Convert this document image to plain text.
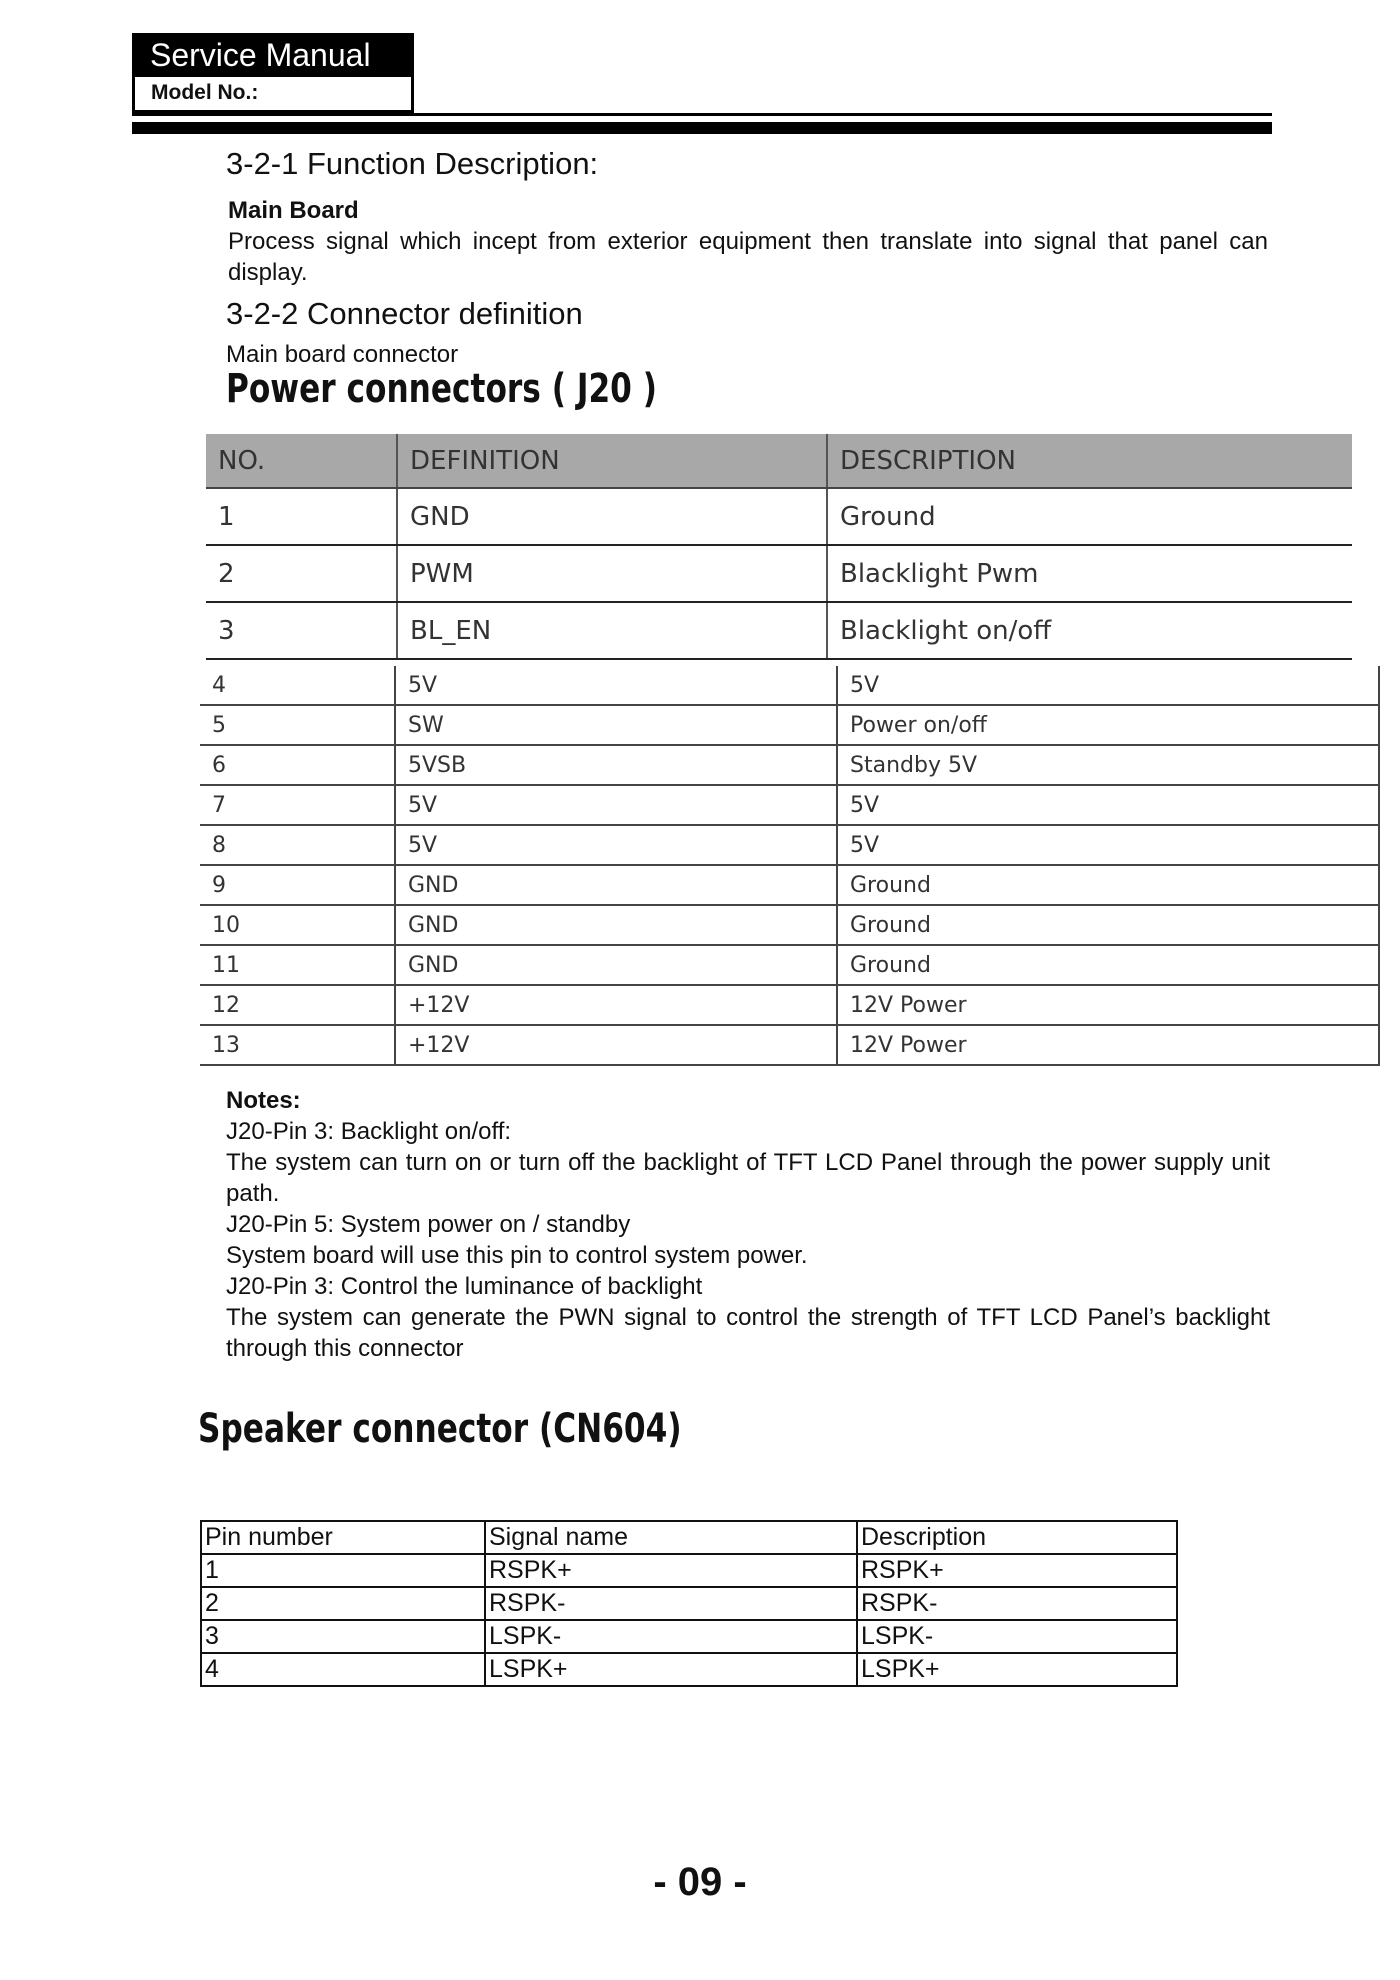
Service Manual
Model No.:
3-2-1 Function Description:
Main Board
Process signal which incept from exterior equipment then translate into signal that panel can display.
3-2-2 Connector definition
Main board connector
Power connectors ( J20 )
NO.	DEFINITION	DESCRIPTION
1	GND	Ground
2	PWM	Blacklight Pwm
3	BL_EN	Blacklight on/off
4	5V	5V
5	SW	Power on/off
6	5VSB	Standby 5V
7	5V	5V
8	5V	5V
9	GND	Ground
10	GND	Ground
11	GND	Ground
12	+12V	12V Power
13	+12V	12V Power
Notes:
J20-Pin 3: Backlight on/off:
The system can turn on or turn off the backlight of TFT LCD Panel through the power supply unit path.
J20-Pin 5: System power on / standby
System board will use this pin to control system power.
J20-Pin 3: Control the luminance of backlight
The system can generate the PWN signal to control the strength of TFT LCD Panel’s backlight through this connector
Speaker connector (CN604)
Pin number	Signal name	Description
1	RSPK+	RSPK+
2	RSPK-	RSPK-
3	LSPK-	LSPK-
4	LSPK+	LSPK+
- 09 -
